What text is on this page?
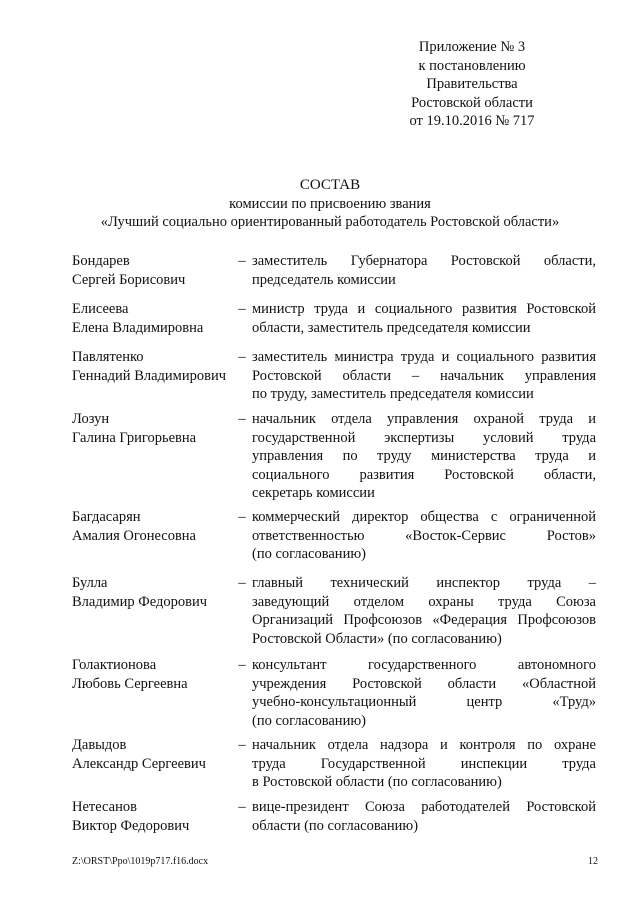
Приложение № 3
к постановлению
Правительства
Ростовской области
от 19.10.2016 № 717
СОСТАВ
комиссии по присвоению звания
«Лучший социально ориентированный работодатель Ростовской области»
Бондарев
Сергей Борисович
– заместитель Губернатора Ростовской области,
председатель комиссии
Елисеева
Елена Владимировна
– министр труда и социального развития Ростовской
области, заместитель председателя комиссии
Павлятенко
Геннадий Владимирович
– заместитель министра труда и социального развития
Ростовской области – начальник управления
по труду, заместитель председателя комиссии
Лозун
Галина Григорьевна
– начальник отдела управления охраной труда и
государственной экспертизы условий труда
управления по труду министерства труда и
социального развития Ростовской области,
секретарь комиссии
Багдасарян
Амалия Огонесовна
– коммерческий директор общества с ограниченной
ответственностью «Восток-Сервис Ростов»
(по согласованию)
Булла
Владимир Федорович
– главный технический инспектор труда –
заведующий отделом охраны труда Союза
Организаций Профсоюзов «Федерация Профсоюзов
Ростовской Области» (по согласованию)
Голактионова
Любовь Сергеевна
– консультант государственного автономного
учреждения Ростовской области «Областной
учебно-консультационный центр «Труд»
(по согласованию)
Давыдов
Александр Сергеевич
– начальник отдела надзора и контроля по охране
труда Государственной инспекции труда
в Ростовской области (по согласованию)
Нетесанов
Виктор Федорович
– вице-президент Союза работодателей Ростовской
области (по согласованию)
Z:\ORST\Ppo\1019p717.f16.docx	12
